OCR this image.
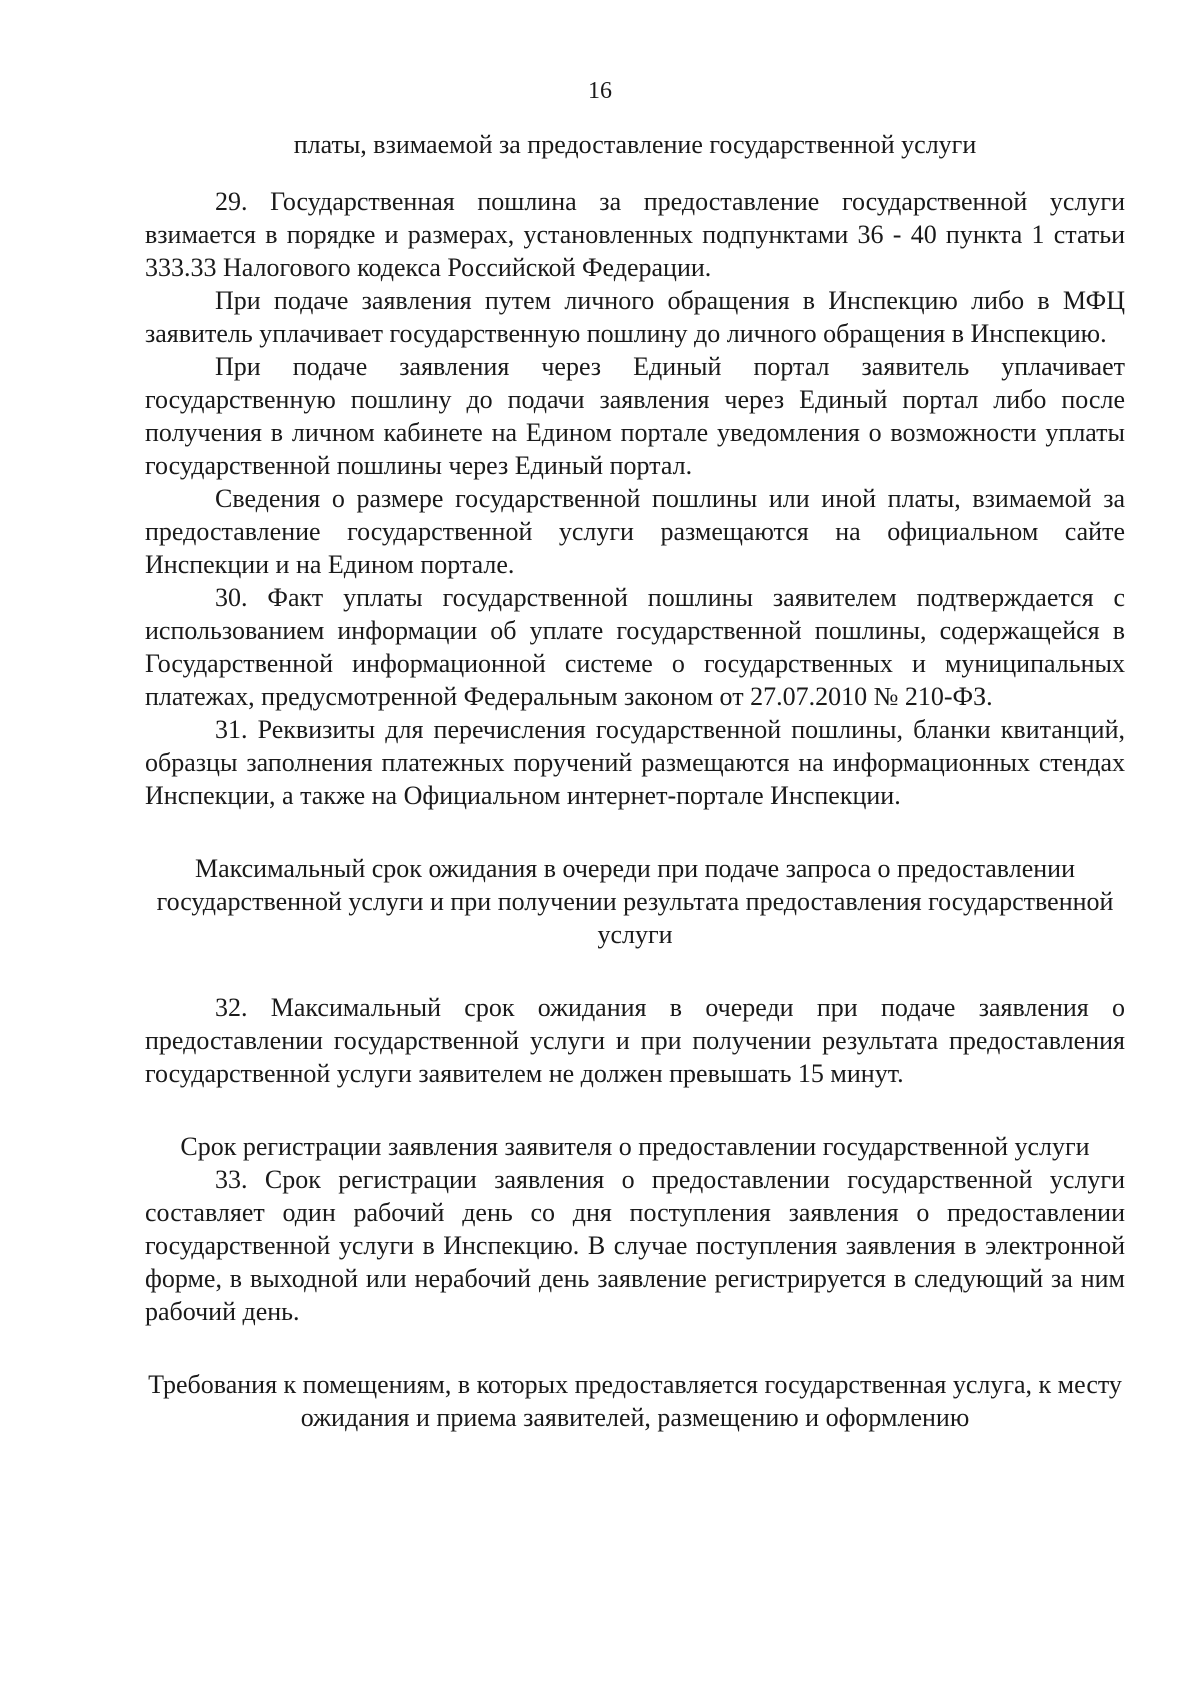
16

платы, взимаемой за предоставление государственной услуги

29. Государственная пошлина за предоставление государственной услуги взимается в порядке и размерах, установленных подпунктами 36 - 40 пункта 1 статьи 333.33 Налогового кодекса Российской Федерации.

При подаче заявления путем личного обращения в Инспекцию либо в МФЦ заявитель уплачивает государственную пошлину до личного обращения в Инспекцию.

При подаче заявления через Единый портал заявитель уплачивает государственную пошлину до подачи заявления через Единый портал либо после получения в личном кабинете на Едином портале уведомления о возможности уплаты государственной пошлины через Единый портал.

Сведения о размере государственной пошлины или иной платы, взимаемой за предоставление государственной услуги размещаются на официальном сайте Инспекции и на Едином портале.

30. Факт уплаты государственной пошлины заявителем подтверждается с использованием информации об уплате государственной пошлины, содержащейся в Государственной информационной системе о государственных и муниципальных платежах, предусмотренной Федеральным законом от 27.07.2010 № 210-ФЗ.

31. Реквизиты для перечисления государственной пошлины, бланки квитанций, образцы заполнения платежных поручений размещаются на информационных стендах Инспекции, а также на Официальном интернет-портале Инспекции.

Максимальный срок ожидания в очереди при подаче запроса о предоставлении государственной услуги и при получении результата предоставления государственной услуги

32. Максимальный срок ожидания в очереди при подаче заявления о предоставлении государственной услуги и при получении результата предоставления государственной услуги заявителем не должен превышать 15 минут.

Срок регистрации заявления заявителя о предоставлении государственной услуги

33. Срок регистрации заявления о предоставлении государственной услуги составляет один рабочий день со дня поступления заявления о предоставлении государственной услуги в Инспекцию. В случае поступления заявления в электронной форме, в выходной или нерабочий день заявление регистрируется в следующий за ним рабочий день.

Требования к помещениям, в которых предоставляется государственная услуга, к месту ожидания и приема заявителей, размещению и оформлению
